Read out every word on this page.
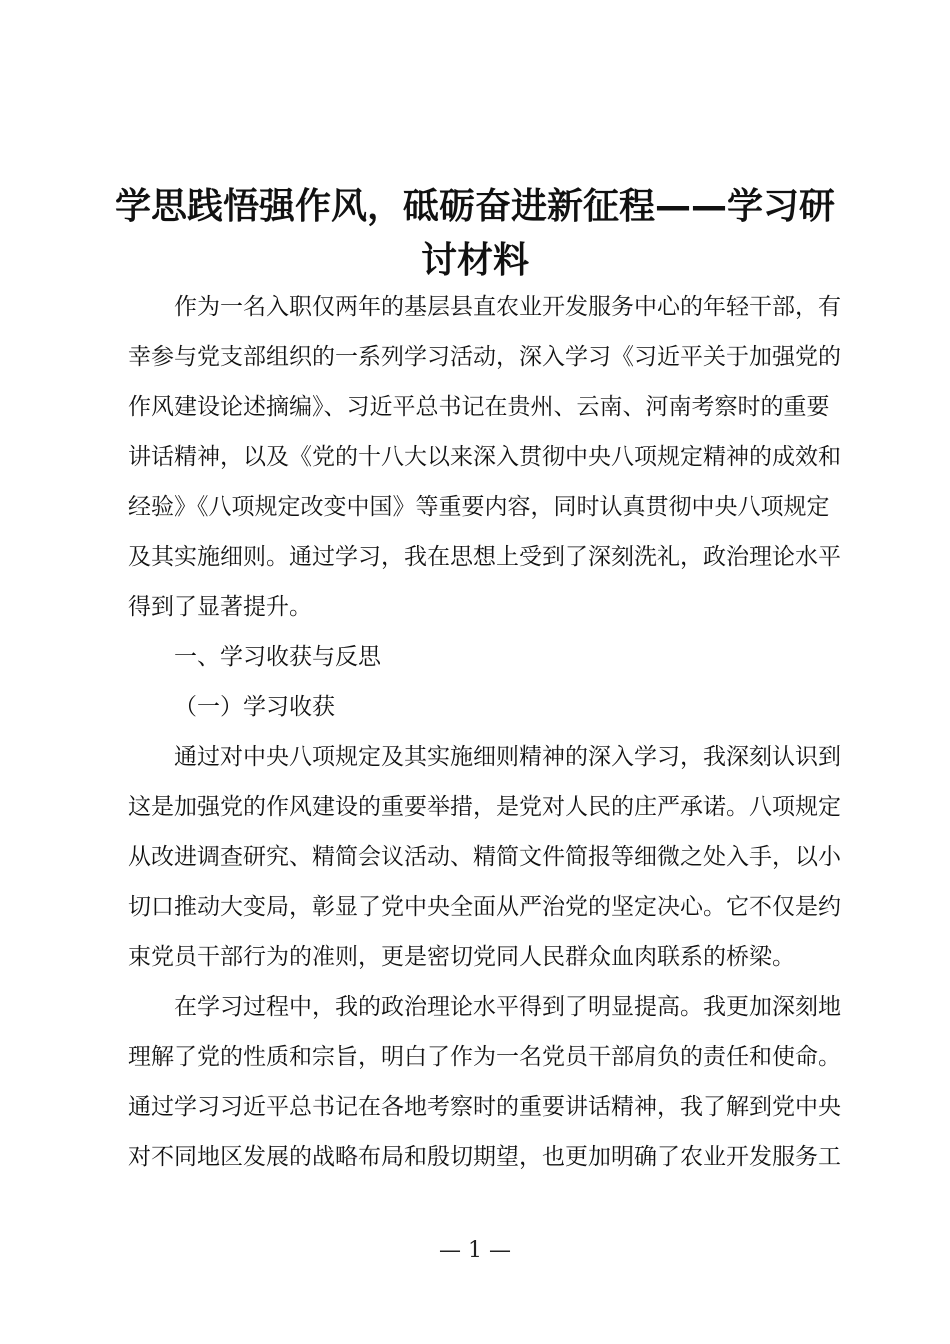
学思践悟强作风，砥砺奋进新征程——学习研
讨材料

作为一名入职仅两年的基层县直农业开发服务中心的年轻干部，有
幸参与党支部组织的一系列学习活动，深入学习《习近平关于加强党的
作风建设论述摘编》、习近平总书记在贵州、云南、河南考察时的重要
讲话精神，以及《党的十八大以来深入贯彻中央八项规定精神的成效和
经验》《八项规定改变中国》等重要内容，同时认真贯彻中央八项规定
及其实施细则。通过学习，我在思想上受到了深刻洗礼，政治理论水平
得到了显著提升。

一、学习收获与反思

（一）学习收获

通过对中央八项规定及其实施细则精神的深入学习，我深刻认识到
这是加强党的作风建设的重要举措，是党对人民的庄严承诺。八项规定
从改进调查研究、精简会议活动、精简文件简报等细微之处入手，以小
切口推动大变局，彰显了党中央全面从严治党的坚定决心。它不仅是约
束党员干部行为的准则，更是密切党同人民群众血肉联系的桥梁。

在学习过程中，我的政治理论水平得到了明显提高。我更加深刻地
理解了党的性质和宗旨，明白了作为一名党员干部肩负的责任和使命。
通过学习习近平总书记在各地考察时的重要讲话精神，我了解到党中央
对不同地区发展的战略布局和殷切期望，也更加明确了农业开发服务工

— 1 —
